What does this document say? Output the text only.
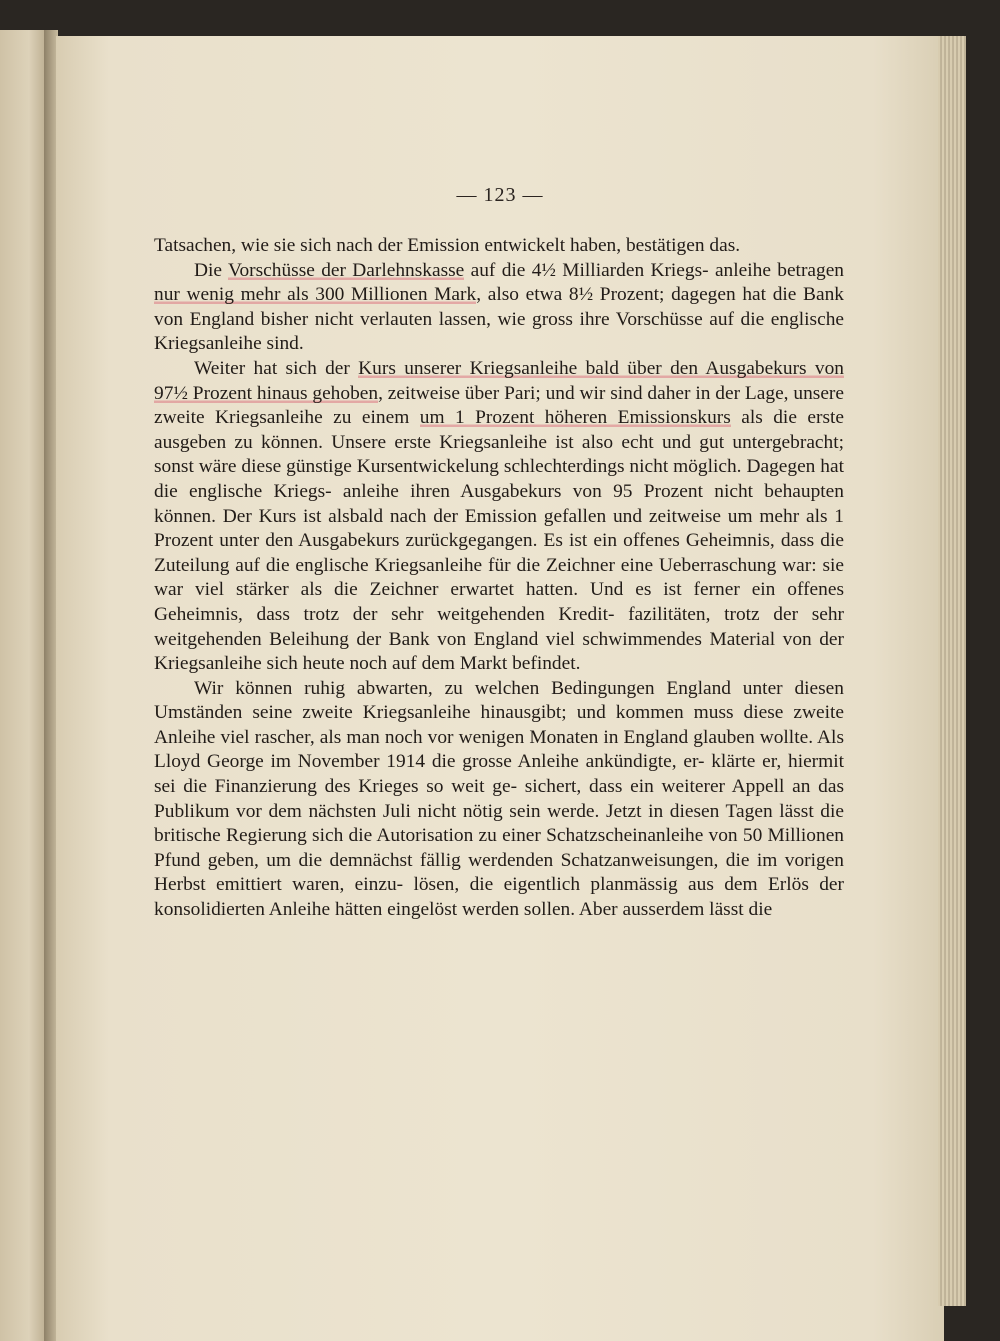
— 123 —

Tatsachen, wie sie sich nach der Emission entwickelt haben, bestätigen das.

Die Vorschüsse der Darlehnskasse auf die 4½ Milliarden Kriegs- anleihe betragen nur wenig mehr als 300 Millionen Mark, also etwa 8½ Prozent; dagegen hat die Bank von England bisher nicht verlauten lassen, wie gross ihre Vorschüsse auf die englische Kriegsanleihe sind.

Weiter hat sich der Kurs unserer Kriegsanleihe bald über den Ausgabekurs von 97½ Prozent hinaus gehoben, zeitweise über Pari; und wir sind daher in der Lage, unsere zweite Kriegsanleihe zu einem um 1 Prozent höheren Emissionskurs als die erste ausgeben zu können. Unsere erste Kriegsanleihe ist also echt und gut untergebracht; sonst wäre diese günstige Kursentwickelung schlechterdings nicht möglich. Dagegen hat die englische Kriegs- anleihe ihren Ausgabekurs von 95 Prozent nicht behaupten können. Der Kurs ist alsbald nach der Emission gefallen und zeitweise um mehr als 1 Prozent unter den Ausgabekurs zurückgegangen. Es ist ein offenes Geheimnis, dass die Zuteilung auf die englische Kriegsanleihe für die Zeichner eine Ueberraschung war: sie war viel stärker als die Zeichner erwartet hatten. Und es ist ferner ein offenes Geheimnis, dass trotz der sehr weitgehenden Kredit- fazilitäten, trotz der sehr weitgehenden Beleihung der Bank von England viel schwimmendes Material von der Kriegsanleihe sich heute noch auf dem Markt befindet.

Wir können ruhig abwarten, zu welchen Bedingungen England unter diesen Umständen seine zweite Kriegsanleihe hinausgibt; und kommen muss diese zweite Anleihe viel rascher, als man noch vor wenigen Monaten in England glauben wollte. Als Lloyd George im November 1914 die grosse Anleihe ankündigte, er- klärte er, hiermit sei die Finanzierung des Krieges so weit ge- sichert, dass ein weiterer Appell an das Publikum vor dem nächsten Juli nicht nötig sein werde. Jetzt in diesen Tagen lässt die britische Regierung sich die Autorisation zu einer Schatzscheinanleihe von 50 Millionen Pfund geben, um die demnächst fällig werdenden Schatzanweisungen, die im vorigen Herbst emittiert waren, einzu- lösen, die eigentlich planmässig aus dem Erlös der konsolidierten Anleihe hätten eingelöst werden sollen. Aber ausserdem lässt die
